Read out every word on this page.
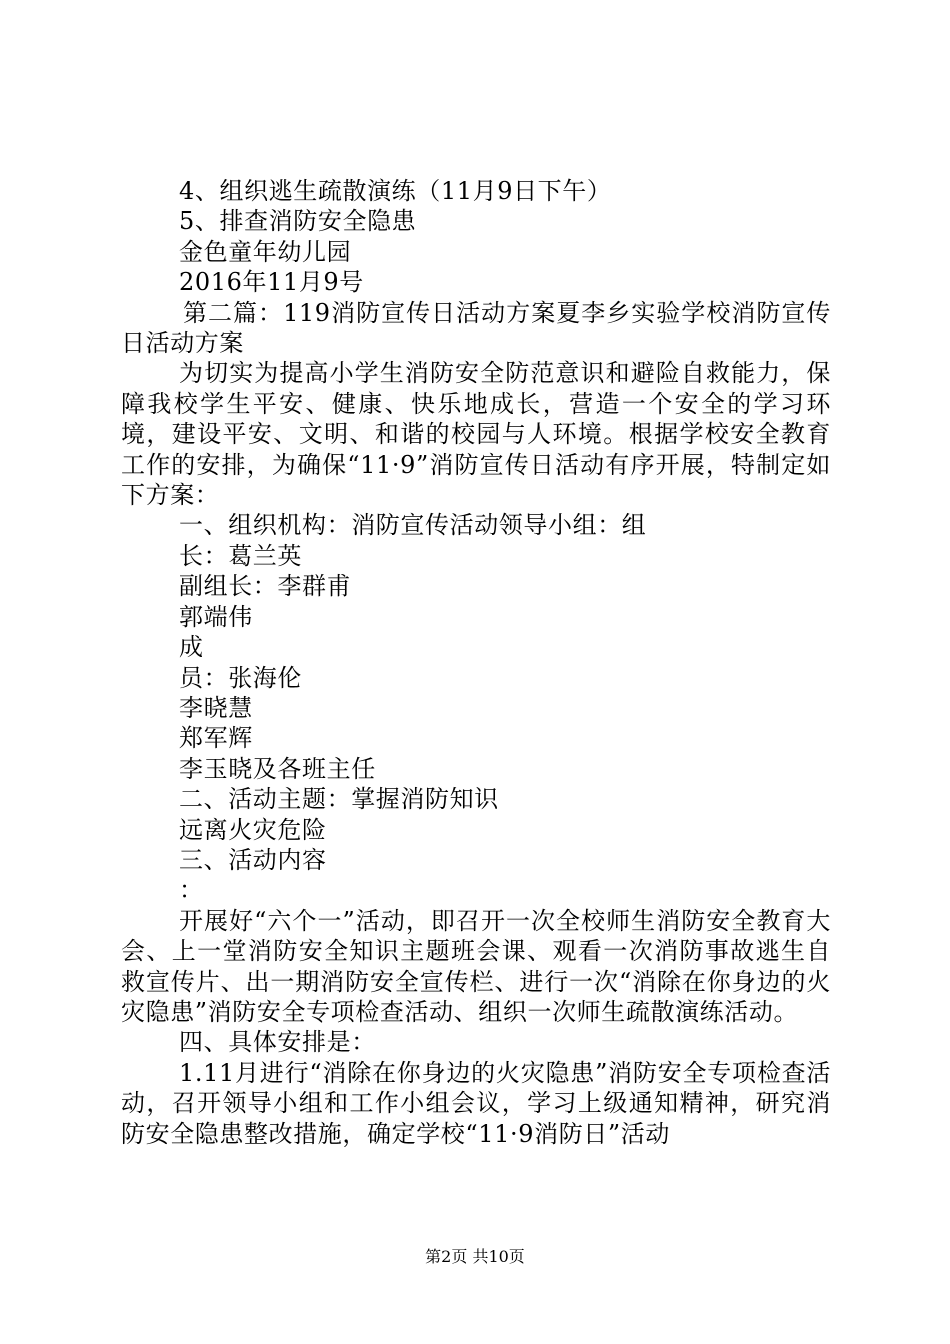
4、组织逃生疏散演练（11月9日下午）
5、排查消防安全隐患
金色童年幼儿园
2016年11月9号
第二篇：119消防宣传日活动方案夏李乡实验学校消防宣传日活动方案
为切实为提高小学生消防安全防范意识和避险自救能力，保障我校学生平安、健康、快乐地成长，营造一个安全的学习环境，建设平安、文明、和谐的校园与人环境。根据学校安全教育工作的安排，为确保“11·9”消防宣传日活动有序开展，特制定如下方案：
一、组织机构：消防宣传活动领导小组：组
长：葛兰英
副组长：李群甫
郭端伟
成
员：张海伦
李晓慧
郑军辉
李玉晓及各班主任
二、活动主题：掌握消防知识
远离火灾危险
三、活动内容
：
开展好“六个一”活动，即召开一次全校师生消防安全教育大会、上一堂消防安全知识主题班会课、观看一次消防事故逃生自救宣传片、出一期消防安全宣传栏、进行一次“消除在你身边的火灾隐患”消防安全专项检查活动、组织一次师生疏散演练活动。
四、具体安排是：
1.11月进行“消除在你身边的火灾隐患”消防安全专项检查活动，召开领导小组和工作小组会议，学习上级通知精神，研究消防安全隐患整改措施，确定学校“11·9消防日”活动
第2页 共10页
